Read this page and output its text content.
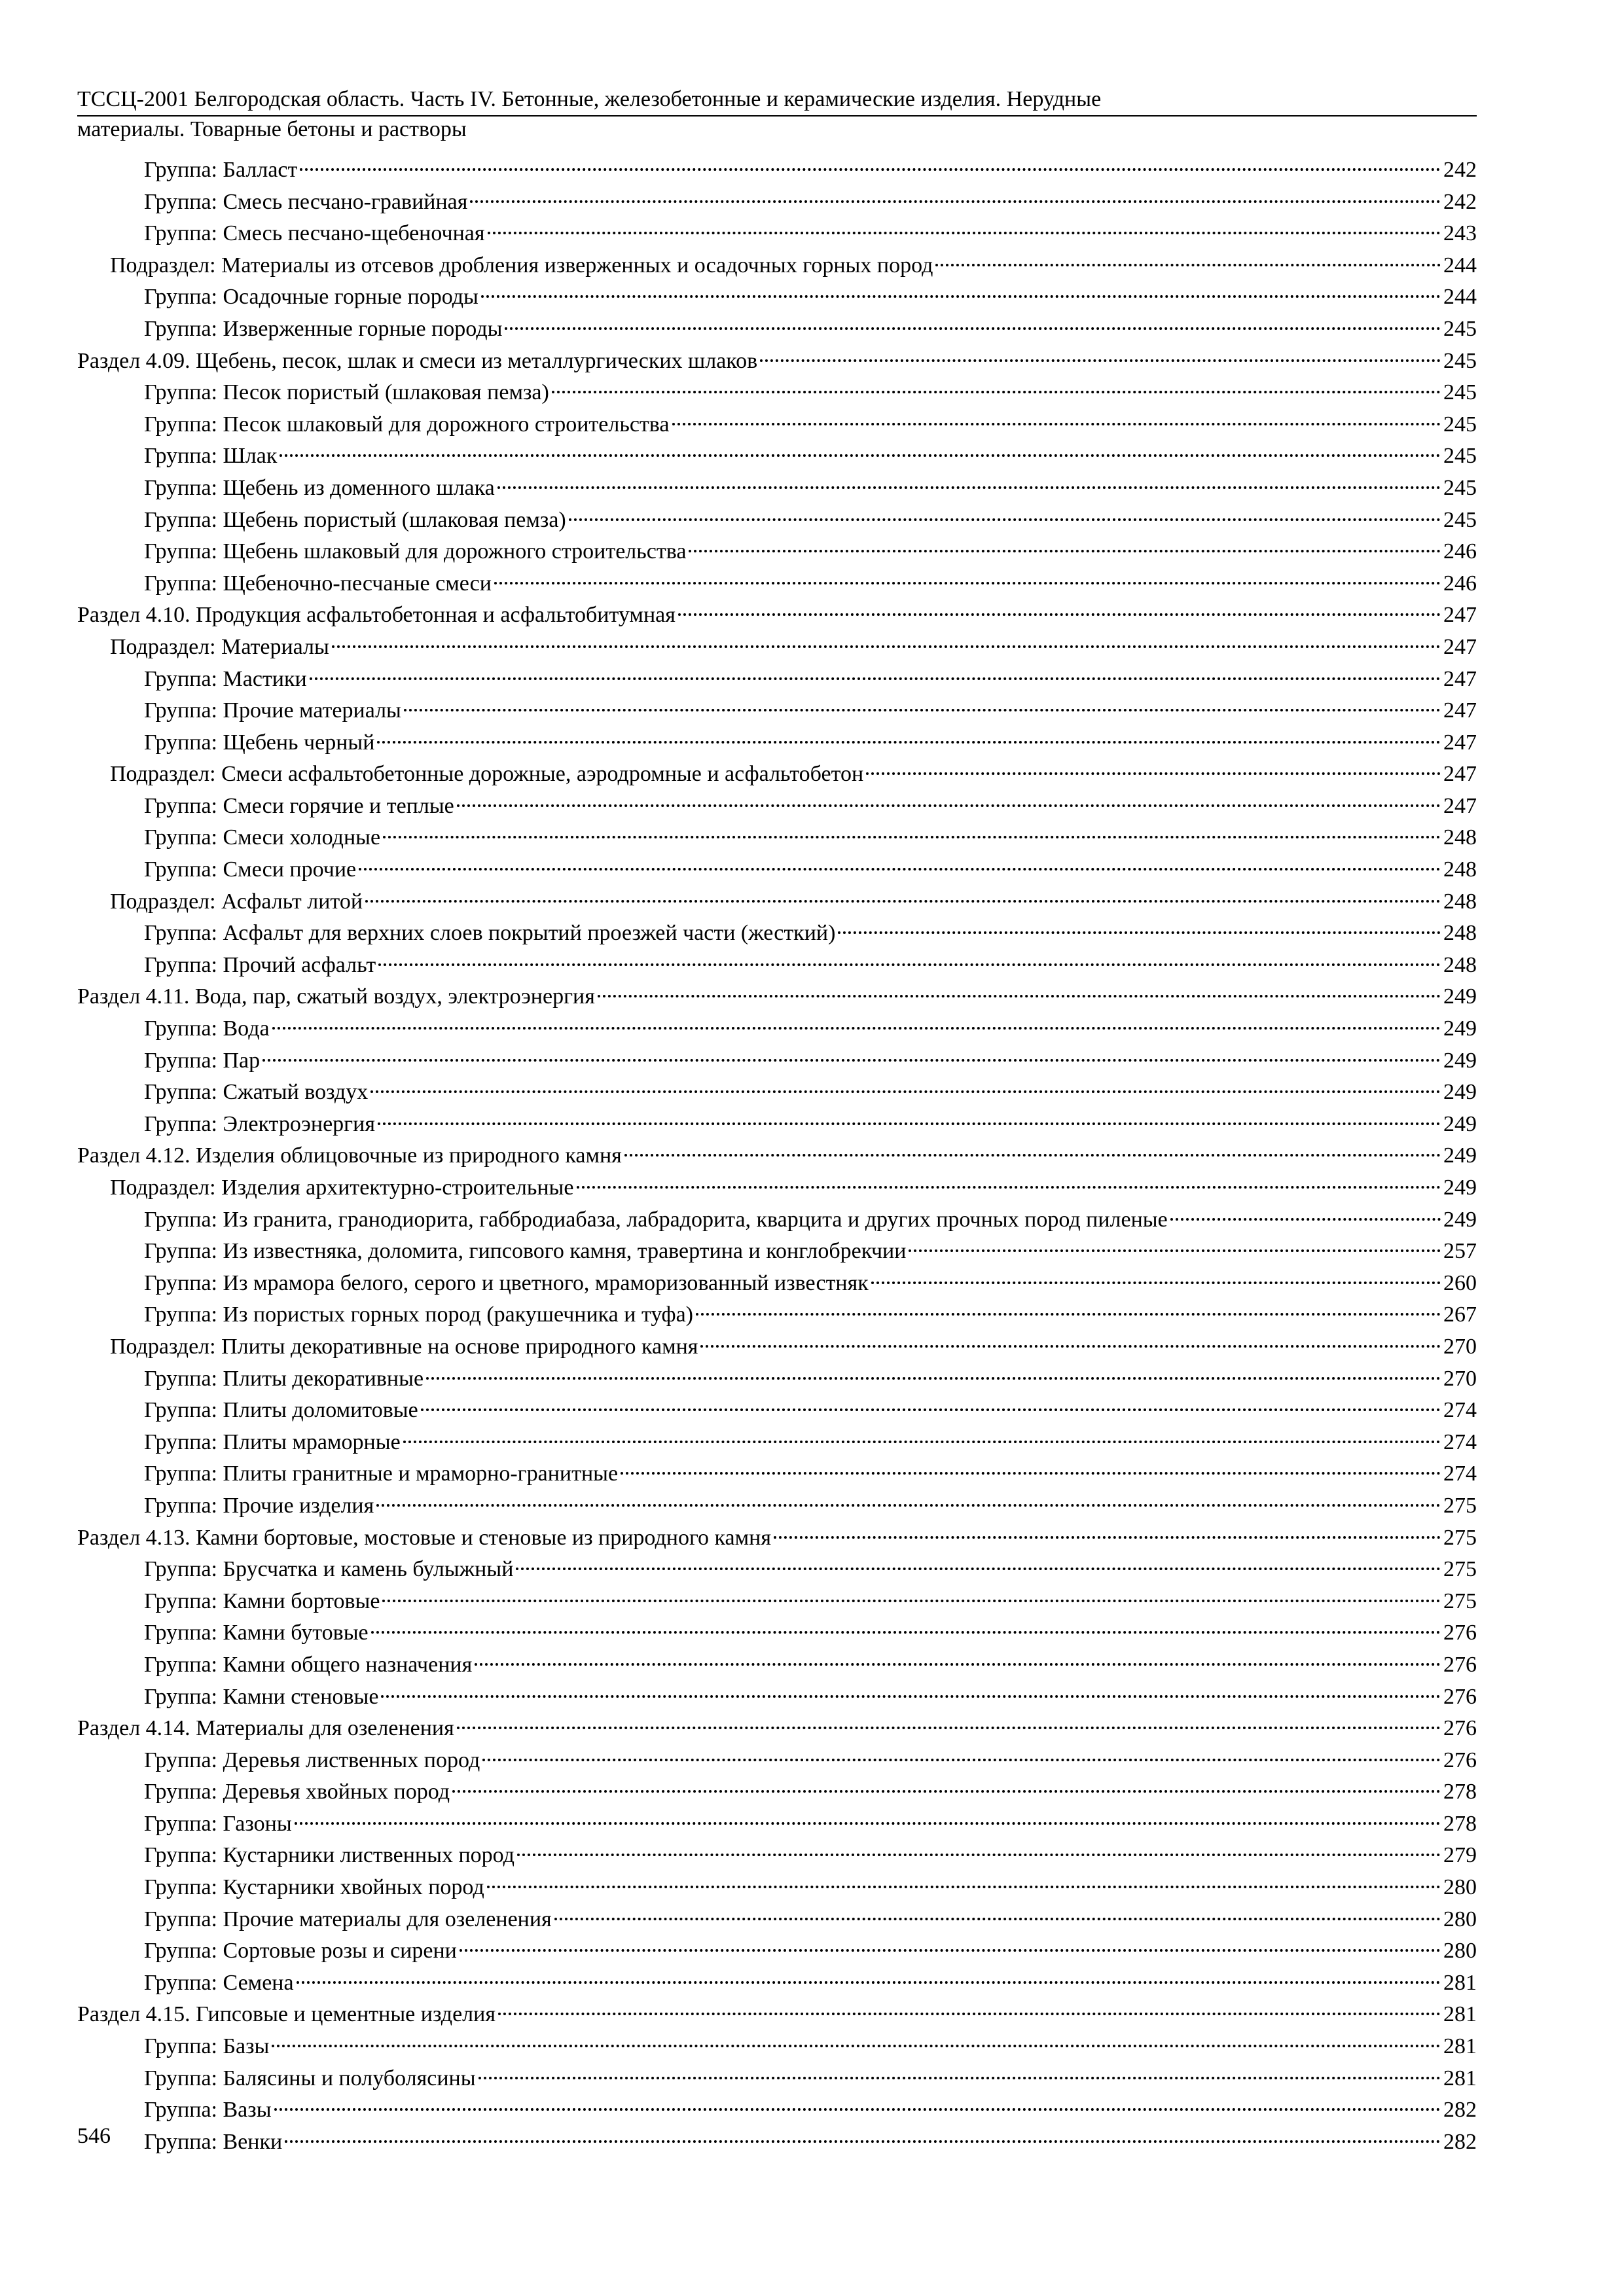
ТССЦ-2001 Белгородская область. Часть IV. Бетонные, железобетонные и керамические изделия. Нерудные
материалы. Товарные бетоны и растворы
Группа: Балласт	242
Группа: Смесь песчано-гравийная	242
Группа: Смесь песчано-щебеночная	243
Подраздел: Материалы из отсевов дробления изверженных и осадочных горных пород	244
Группа: Осадочные горные породы	244
Группа: Изверженные горные породы	245
Раздел 4.09. Щебень, песок, шлак и смеси из металлургических шлаков	245
Группа: Песок пористый (шлаковая пемза)	245
Группа: Песок шлаковый для дорожного строительства	245
Группа: Шлак	245
Группа: Щебень из доменного шлака	245
Группа: Щебень пористый (шлаковая пемза)	245
Группа: Щебень шлаковый для дорожного строительства	246
Группа: Щебеночно-песчаные смеси	246
Раздел 4.10. Продукция асфальтобетонная и асфальтобитумная	247
Подраздел: Материалы	247
Группа: Мастики	247
Группа: Прочие материалы	247
Группа: Щебень черный	247
Подраздел: Смеси асфальтобетонные дорожные, аэродромные и асфальтобетон	247
Группа: Смеси горячие и теплые	247
Группа: Смеси холодные	248
Группа: Смеси прочие	248
Подраздел: Асфальт литой	248
Группа: Асфальт для верхних слоев покрытий проезжей части (жесткий)	248
Группа: Прочий асфальт	248
Раздел 4.11. Вода, пар, сжатый воздух, электроэнергия	249
Группа: Вода	249
Группа: Пар	249
Группа: Сжатый воздух	249
Группа: Электроэнергия	249
Раздел 4.12. Изделия облицовочные из природного камня	249
Подраздел: Изделия архитектурно-строительные	249
Группа: Из гранита, гранодиорита, габбродиабаза, лабрадорита, кварцита и других прочных пород пиленые	249
Группа: Из известняка, доломита, гипсового камня, травертина и конглобрекчии	257
Группа: Из мрамора белого, серого и цветного, мраморизованный известняк	260
Группа: Из пористых горных пород (ракушечника и туфа)	267
Подраздел: Плиты декоративные на основе природного камня	270
Группа: Плиты декоративные	270
Группа: Плиты доломитовые	274
Группа: Плиты мраморные	274
Группа: Плиты гранитные и мраморно-гранитные	274
Группа: Прочие изделия	275
Раздел 4.13. Камни бортовые, мостовые и стеновые из природного камня	275
Группа: Брусчатка и камень булыжный	275
Группа: Камни бортовые	275
Группа: Камни бутовые	276
Группа: Камни общего назначения	276
Группа: Камни стеновые	276
Раздел 4.14. Материалы для озеленения	276
Группа: Деревья лиственных пород	276
Группа: Деревья хвойных пород	278
Группа: Газоны	278
Группа: Кустарники лиственных пород	279
Группа: Кустарники хвойных пород	280
Группа: Прочие материалы для озеленения	280
Группа: Сортовые розы и сирени	280
Группа: Семена	281
Раздел 4.15. Гипсовые и цементные изделия	281
Группа: Базы	281
Группа: Балясины и полуболясины	281
Группа: Вазы	282
Группа: Венки	282
546
